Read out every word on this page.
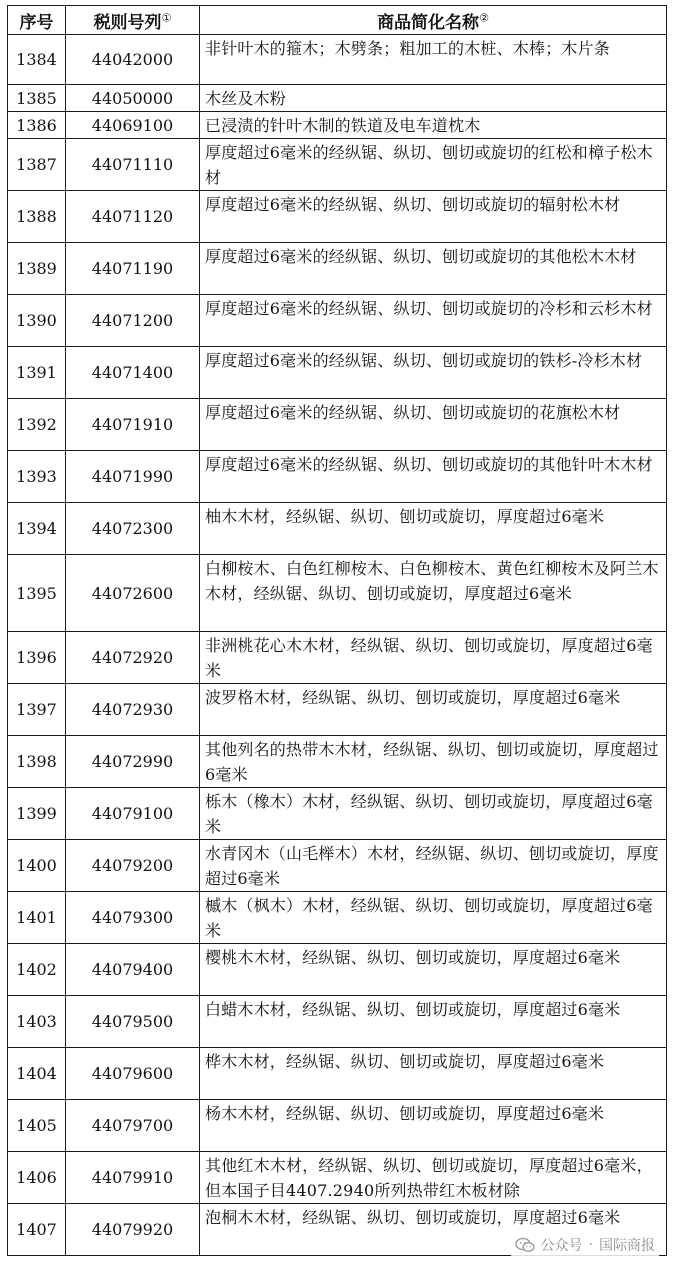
序号	税则号列①	商品简化名称②
1384	44042000	非针叶木的箍木；木劈条；粗加工的木桩、木棒；木片条
1385	44050000	木丝及木粉
1386	44069100	已浸渍的针叶木制的铁道及电车道枕木
1387	44071110	厚度超过6毫米的经纵锯、纵切、刨切或旋切的红松和樟子松木材
1388	44071120	厚度超过6毫米的经纵锯、纵切、刨切或旋切的辐射松木材
1389	44071190	厚度超过6毫米的经纵锯、纵切、刨切或旋切的其他松木木材
1390	44071200	厚度超过6毫米的经纵锯、纵切、刨切或旋切的冷杉和云杉木材
1391	44071400	厚度超过6毫米的经纵锯、纵切、刨切或旋切的铁杉-冷杉木材
1392	44071910	厚度超过6毫米的经纵锯、纵切、刨切或旋切的花旗松木材
1393	44071990	厚度超过6毫米的经纵锯、纵切、刨切或旋切的其他针叶木木材
1394	44072300	柚木木材，经纵锯、纵切、刨切或旋切，厚度超过6毫米
1395	44072600	白柳桉木、白色红柳桉木、白色柳桉木、黄色红柳桉木及阿兰木木材，经纵锯、纵切、刨切或旋切，厚度超过6毫米
1396	44072920	非洲桃花心木木材，经纵锯、纵切、刨切或旋切，厚度超过6毫米
1397	44072930	波罗格木材，经纵锯、纵切、刨切或旋切，厚度超过6毫米
1398	44072990	其他列名的热带木木材，经纵锯、纵切、刨切或旋切，厚度超过6毫米
1399	44079100	栎木（橡木）木材，经纵锯、纵切、刨切或旋切，厚度超过6毫米
1400	44079200	水青冈木（山毛榉木）木材，经纵锯、纵切、刨切或旋切，厚度超过6毫米
1401	44079300	槭木（枫木）木材，经纵锯、纵切、刨切或旋切，厚度超过6毫米
1402	44079400	樱桃木木材，经纵锯、纵切、刨切或旋切，厚度超过6毫米
1403	44079500	白蜡木木材，经纵锯、纵切、刨切或旋切，厚度超过6毫米
1404	44079600	桦木木材，经纵锯、纵切、刨切或旋切，厚度超过6毫米
1405	44079700	杨木木材，经纵锯、纵切、刨切或旋切，厚度超过6毫米
1406	44079910	其他红木木材，经纵锯、纵切、刨切或旋切，厚度超过6毫米，但本国子目4407.2940所列热带红木板材除
1407	44079920	泡桐木木材，经纵锯、纵切、刨切或旋切，厚度超过6毫米
公众号 · 国际商报
